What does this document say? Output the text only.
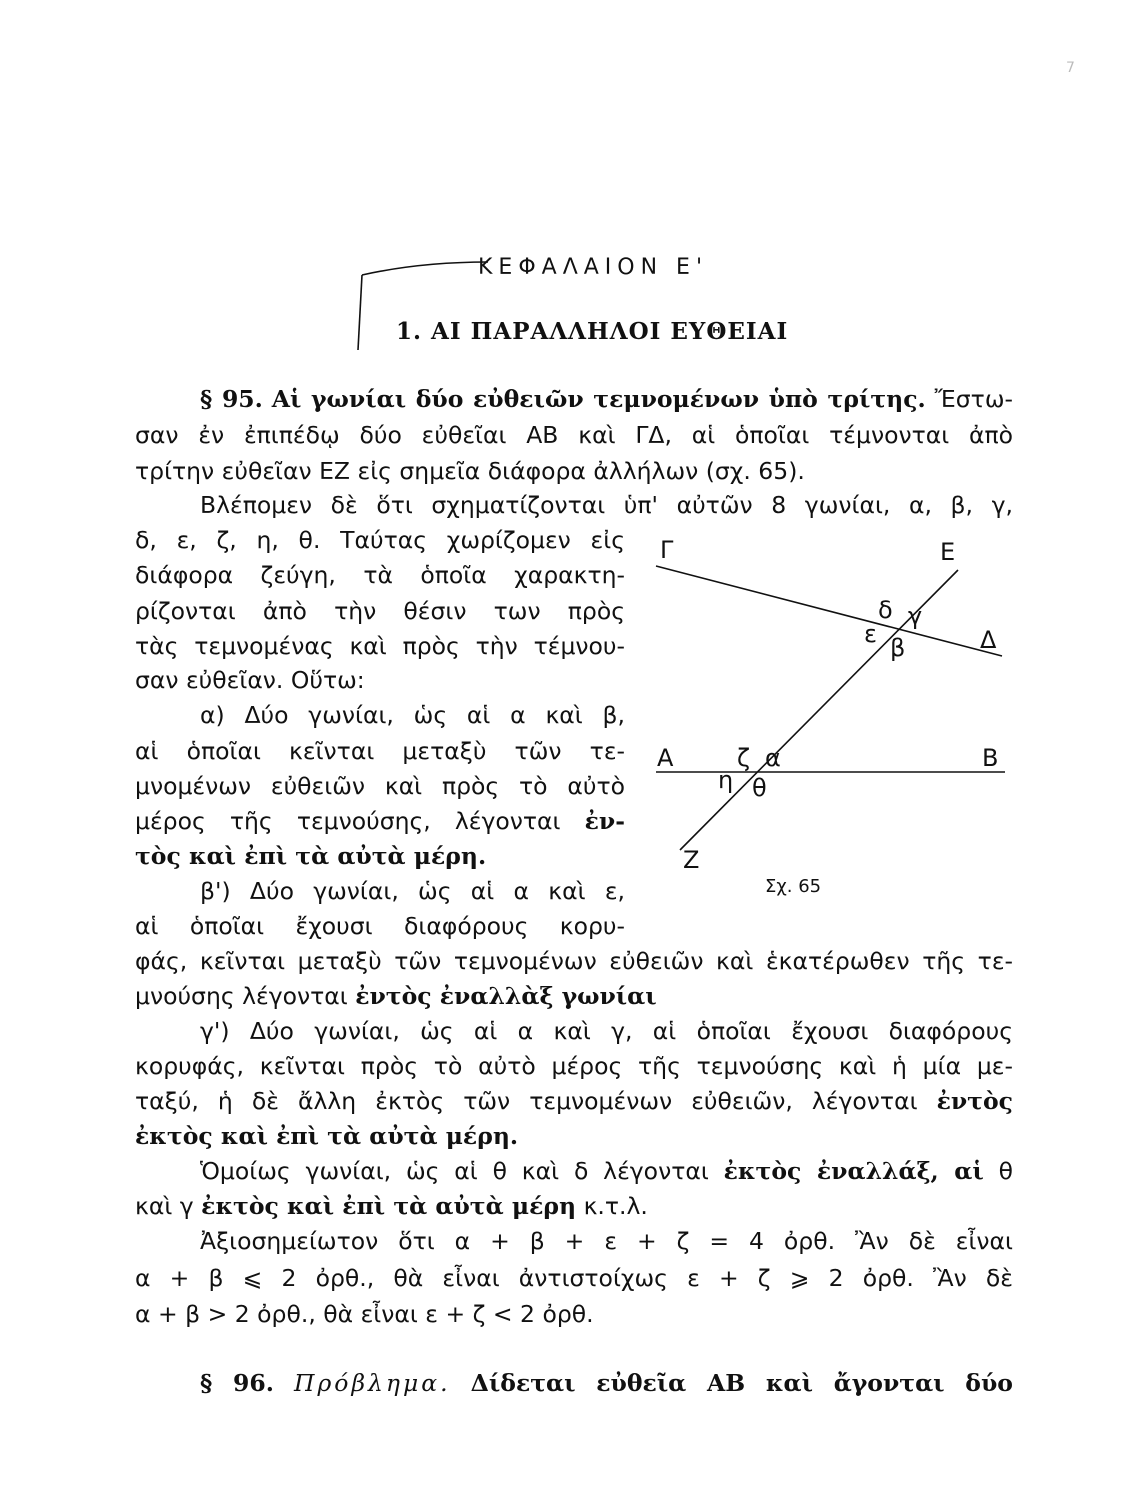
7
ΚΕΦΑΛΑΙΟΝ Ε'
1. ΑΙ ΠΑΡΑΛΛΗΛΟΙ ΕΥΘΕΙΑΙ
§ 95. Αἱ γωνίαι δύο εὐθειῶν τεμνομένων ὑπὸ τρίτης. Ἔστω-
σαν ἐν ἐπιπέδῳ δύο εὐθεῖαι ΑΒ καὶ ΓΔ, αἱ ὁποῖαι τέμνονται ἀπὸ
τρίτην εὐθεῖαν ΕΖ εἰς σημεῖα διάφορα ἀλλήλων (σχ. 65).
Βλέπομεν δὲ ὅτι σχηματίζονται ὑπ' αὐτῶν 8 γωνίαι, α, β, γ,
δ, ε, ζ, η, θ. Ταύτας χωρίζομεν εἰς
διάφορα ζεύγη, τὰ ὁποῖα χαρακτη-
ρίζονται ἀπὸ τὴν θέσιν των πρὸς
τὰς τεμνομένας καὶ πρὸς τὴν τέμνου-
σαν εὐθεῖαν. Οὕτω:
α) Δύο γωνίαι, ὡς αἱ α καὶ β,
αἱ ὁποῖαι κεῖνται μεταξὺ τῶν τε-
μνομένων εὐθειῶν καὶ πρὸς τὸ αὐτὸ
μέρος τῆς τεμνούσης, λέγονται ἐν-
τὸς καὶ ἐπὶ τὰ αὐτὰ μέρη.
β') Δύο γωνίαι, ὡς αἱ α καὶ ε,
αἱ ὁποῖαι ἔχουσι διαφόρους κορυ-
φάς, κεῖνται μεταξὺ τῶν τεμνομένων εὐθειῶν καὶ ἑκατέρωθεν τῆς τε-
μνούσης λέγονται ἐντὸς ἐναλλὰξ γωνίαι
γ') Δύο γωνίαι, ὡς αἱ α καὶ γ, αἱ ὁποῖαι ἔχουσι διαφόρους
κορυφάς, κεῖνται πρὸς τὸ αὐτὸ μέρος τῆς τεμνούσης καὶ ἡ μία με-
ταξύ, ἡ δὲ ἄλλη ἐκτὸς τῶν τεμνομένων εὐθειῶν, λέγονται ἐντὸς
ἐκτὸς καὶ ἐπὶ τὰ αὐτὰ μέρη.
Ὁμοίως γωνίαι, ὡς αἱ θ καὶ δ λέγονται ἐκτὸς ἐναλλάξ, αἱ θ
καὶ γ ἐκτὸς καὶ ἐπὶ τὰ αὐτὰ μέρη κ.τ.λ.
Ἀξιοσημείωτον ὅτι α + β + ε + ζ = 4 ὀρθ. Ἂν δὲ εἶναι
α + β ⩽ 2 ὀρθ., θὰ εἶναι ἀντιστοίχως ε + ζ ⩾ 2 ὀρθ. Ἂν δὲ
α + β > 2 ὀρθ., θὰ εἶναι ε + ζ < 2 ὀρθ.
§ 96. Πρόβλημα. Δίδεται εὐθεῖα ΑΒ καὶ ἄγονται δύο
Γ	Ε
Δ
Α	Β
Ζ
δ γ
ε β
ζ α
η θ
Σχ. 65
